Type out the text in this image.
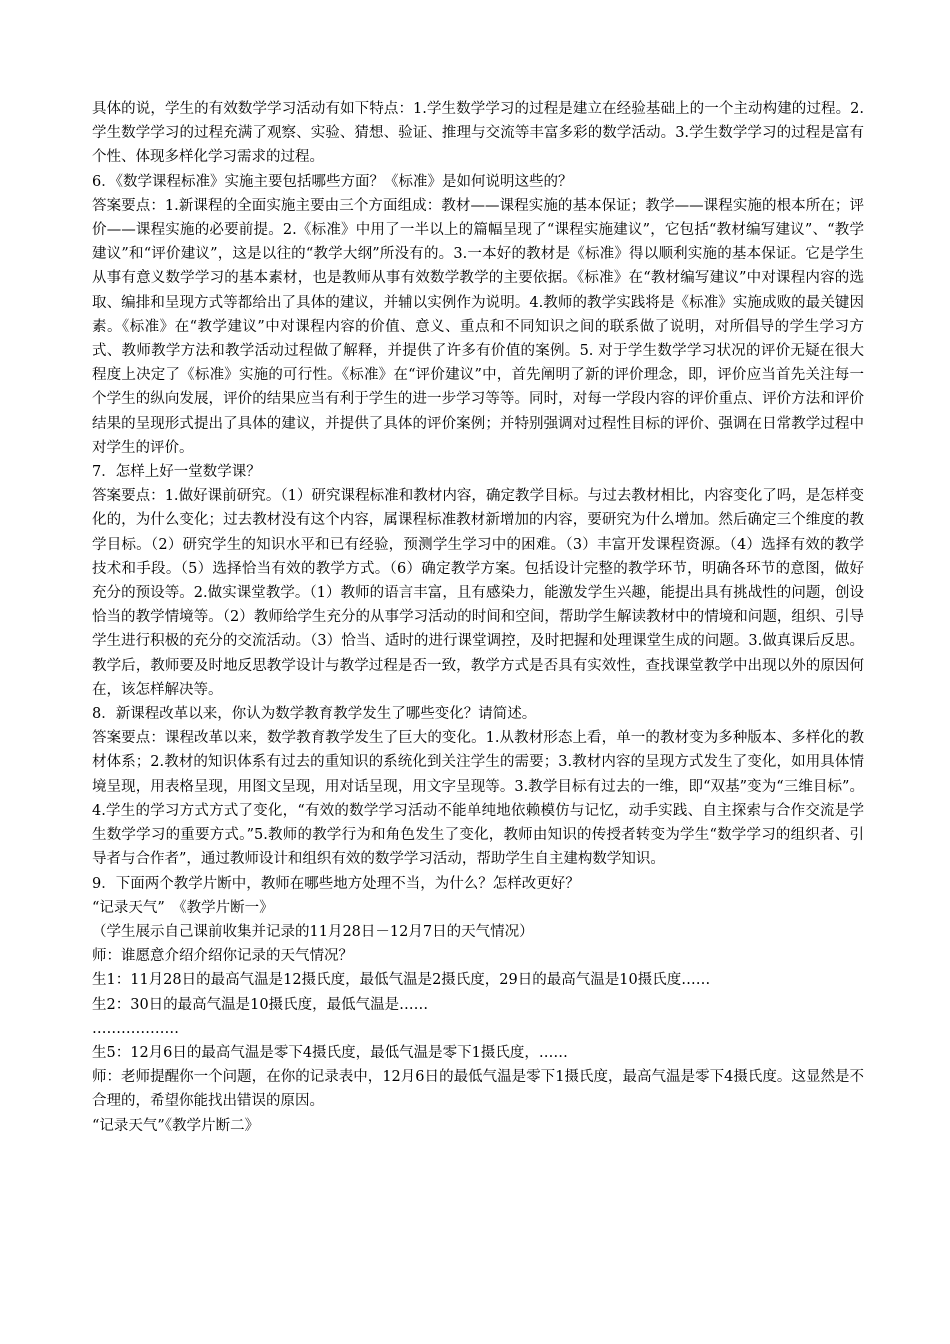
具体的说，学生的有效数学学习活动有如下特点：1.学生数学学习的过程是建立在经验基础上的一个主动构建的过程。2.学生数学学习的过程充满了观察、实验、猜想、验证、推理与交流等丰富多彩的数学活动。3.学生数学学习的过程是富有个性、体现多样化学习需求的过程。

6．《数学课程标准》实施主要包括哪些方面？《标准》是如何说明这些的？

答案要点：1.新课程的全面实施主要由三个方面组成：教材——课程实施的基本保证；教学——课程实施的根本所在；评价——课程实施的必要前提。2.《标准》中用了一半以上的篇幅呈现了“课程实施建议”，它包括“教材编写建议”、“教学建议”和“评价建议”，这是以往的“教学大纲”所没有的。3.一本好的教材是《标准》得以顺利实施的基本保证。它是学生从事有意义数学学习的基本素材，也是教师从事有效数学教学的主要依据。《标准》在“教材编写建议”中对课程内容的选取、编排和呈现方式等都给出了具体的建议，并辅以实例作为说明。4.教师的教学实践将是《标准》实施成败的最关键因素。《标准》在“教学建议”中对课程内容的价值、意义、重点和不同知识之间的联系做了说明，对所倡导的学生学习方式、教师教学方法和教学活动过程做了解释，并提供了许多有价值的案例。5. 对于学生数学学习状况的评价无疑在很大程度上决定了《标准》实施的可行性。《标准》在“评价建议”中，首先阐明了新的评价理念，即，评价应当首先关注每一个学生的纵向发展，评价的结果应当有利于学生的进一步学习等等。同时，对每一学段内容的评价重点、评价方法和评价结果的呈现形式提出了具体的建议，并提供了具体的评价案例；并特别强调对过程性目标的评价、强调在日常教学过程中对学生的评价。

7．怎样上好一堂数学课？

答案要点：1.做好课前研究。（1）研究课程标准和教材内容，确定教学目标。与过去教材相比，内容变化了吗，是怎样变化的，为什么变化；过去教材没有这个内容，属课程标准教材新增加的内容，要研究为什么增加。然后确定三个维度的教学目标。（2）研究学生的知识水平和已有经验，预测学生学习中的困难。（3）丰富开发课程资源。（4）选择有效的教学技术和手段。（5）选择恰当有效的教学方式。（6）确定教学方案。包括设计完整的教学环节，明确各环节的意图，做好充分的预设等。2.做实课堂教学。（1）教师的语言丰富，且有感染力，能激发学生兴趣，能提出具有挑战性的问题，创设恰当的教学情境等。（2）教师给学生充分的从事学习活动的时间和空间，帮助学生解读教材中的情境和问题，组织、引导学生进行积极的充分的交流活动。（3）恰当、适时的进行课堂调控，及时把握和处理课堂生成的问题。3.做真课后反思。教学后，教师要及时地反思教学设计与教学过程是否一致，教学方式是否具有实效性，查找课堂教学中出现以外的原因何在，该怎样解决等。

8．新课程改革以来，你认为数学教育教学发生了哪些变化？请简述。

答案要点：课程改革以来，数学教育教学发生了巨大的变化。1.从教材形态上看，单一的教材变为多种版本、多样化的教材体系；2.教材的知识体系有过去的重知识的系统化到关注学生的需要；3.教材内容的呈现方式发生了变化，如用具体情境呈现，用表格呈现，用图文呈现，用对话呈现，用文字呈现等。3.教学目标有过去的一维，即“双基”变为“三维目标”。4.学生的学习方式方式了变化，“有效的数学学习活动不能单纯地依赖模仿与记忆，动手实践、自主探索与合作交流是学生数学学习的重要方式。”5.教师的教学行为和角色发生了变化，教师由知识的传授者转变为学生“数学学习的组织者、引导者与合作者”，通过教师设计和组织有效的数学学习活动，帮助学生自主建构数学知识。

9．下面两个教学片断中，教师在哪些地方处理不当，为什么？怎样改更好？

“记录天气”　《教学片断一》

（学生展示自己课前收集并记录的11月28日－12月7日的天气情况）

师：谁愿意介绍介绍你记录的天气情况？

生1：11月28日的最高气温是12摄氏度，最低气温是2摄氏度，29日的最高气温是10摄氏度……

生2：30日的最高气温是10摄氏度，最低气温是……

………………

生5：12月6日的最高气温是零下4摄氏度，最低气温是零下1摄氏度，……

师：老师提醒你一个问题，在你的记录表中，12月6日的最低气温是零下1摄氏度，最高气温是零下4摄氏度。这显然是不合理的，希望你能找出错误的原因。

“记录天气”《教学片断二》
